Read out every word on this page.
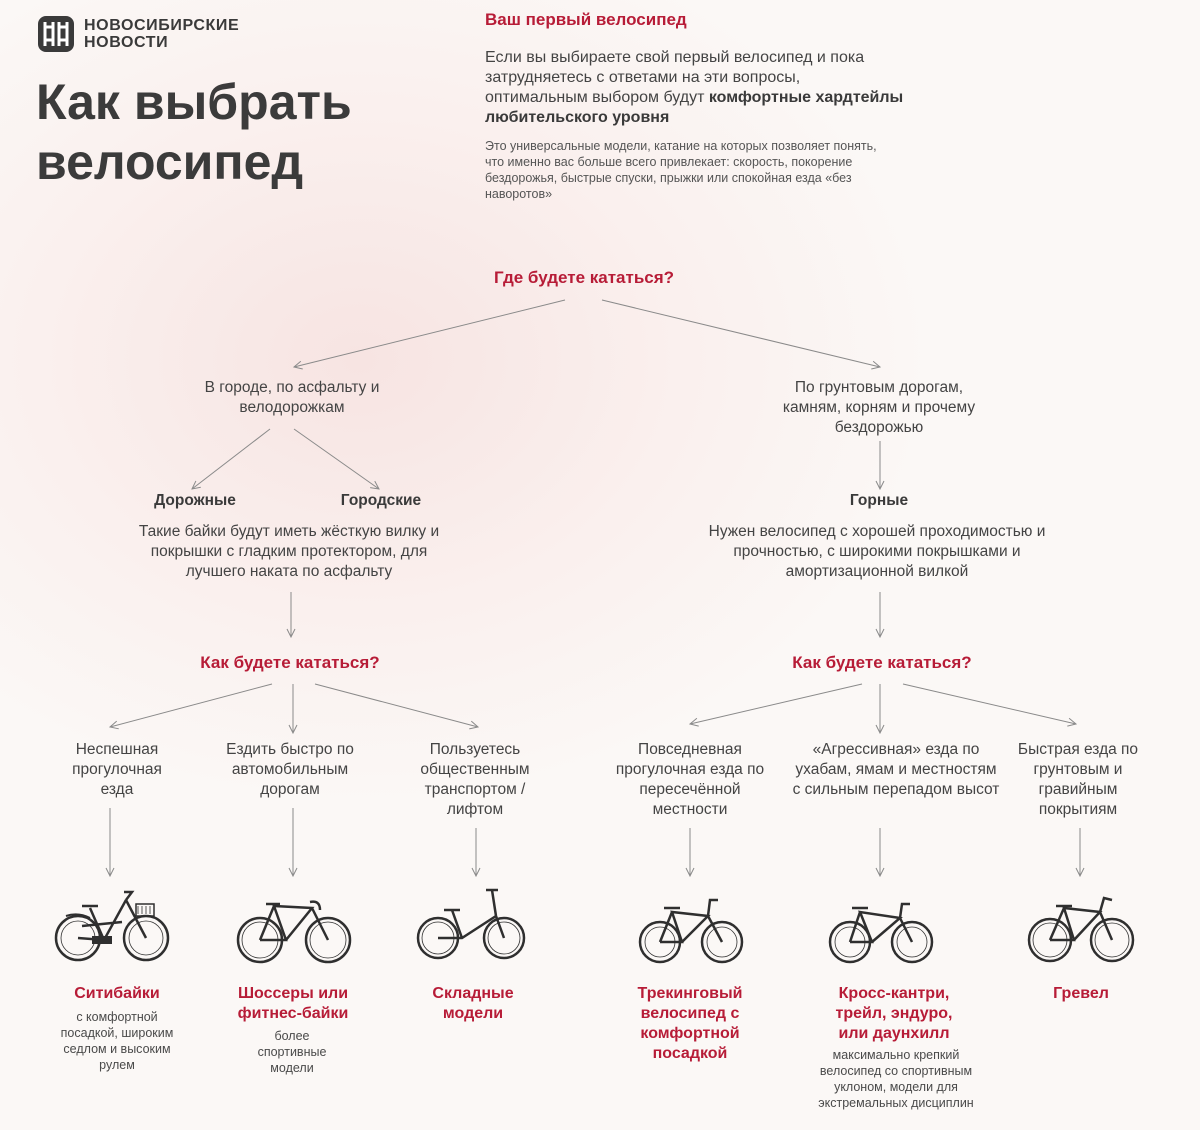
НОВОСИБИРСКИЕ
НОВОСТИ
Как выбрать
велосипед
Ваш первый велосипед
Если вы выбираете свой первый велосипед и пока затрудняетесь с ответами на эти вопросы, оптимальным выбором будут комфортные хардтейлы любительского уровня
Это универсальные модели, катание на которых позволяет понять, что именно вас больше всего привлекает: скорость, покорение бездорожья, быстрые спуски, прыжки или спокойная езда «без наворотов»
Где будете кататься?
В городе, по асфальту и велодорожкам
По грунтовым дорогам, камням, корням и прочему бездорожью
Дорожные	Городские	Горные
Такие байки будут иметь жёсткую вилку и покрышки с гладким протектором, для лучшего наката по асфальту
Нужен велосипед с хорошей проходимостью и прочностью, с широкими покрышками и амортизационной вилкой
Как будете кататься?	Как будете кататься?
Неспешная прогулочная езда
Ездить быстро по автомобильным дорогам
Пользуетесь общественным транспортом / лифтом
Повседневная прогулочная езда по пересечённой местности
«Агрессивная» езда по ухабам, ямам и местностям с сильным перепадом высот
Быстрая езда по грунтовым и гравийным покрытиям
Ситибайки
с комфортной посадкой, широким седлом и высоким рулем
Шоссеры или фитнес-байки
более спортивные модели
Складные модели
Трекинговый велосипед с комфортной посадкой
Кросс-кантри, трейл, эндуро, или даунхилл
максимально крепкий велосипед со спортивным уклоном, модели для экстремальных дисциплин
Гревел
